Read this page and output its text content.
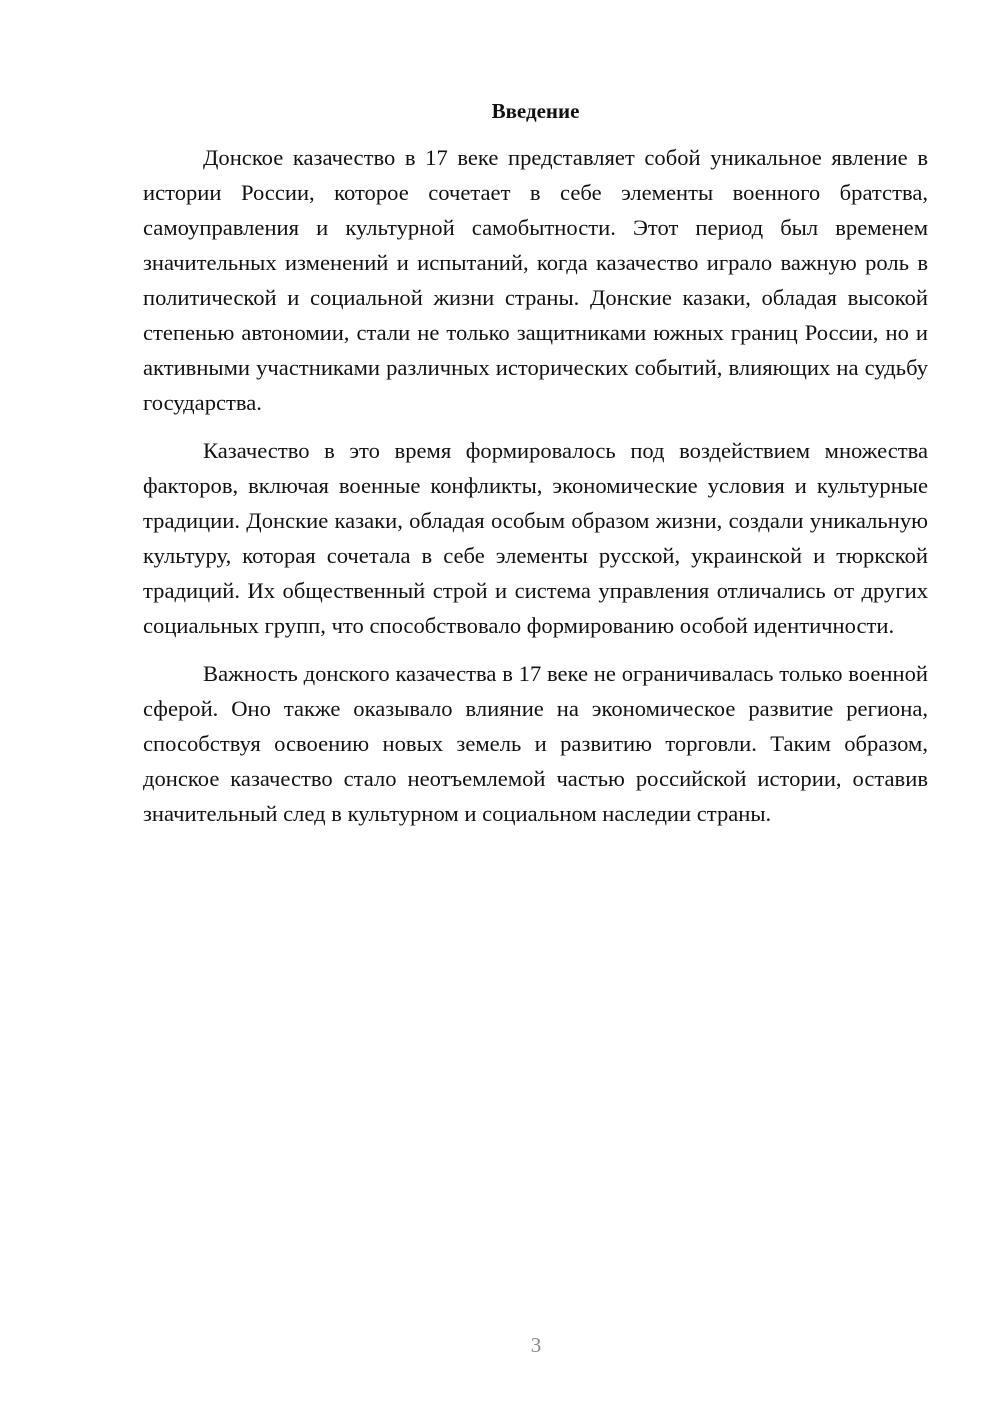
Введение

Донское казачество в 17 веке представляет собой уникальное явление в истории России, которое сочетает в себе элементы военного братства, самоуправления и культурной самобытности. Этот период был временем значительных изменений и испытаний, когда казачество играло важную роль в политической и социальной жизни страны. Донские казаки, обладая высокой степенью автономии, стали не только защитниками южных границ России, но и активными участниками различных исторических событий, влияющих на судьбу государства.

Казачество в это время формировалось под воздействием множества факторов, включая военные конфликты, экономические условия и культурные традиции. Донские казаки, обладая особым образом жизни, создали уникальную культуру, которая сочетала в себе элементы русской, украинской и тюркской традиций. Их общественный строй и система управления отличались от других социальных групп, что способствовало формированию особой идентичности.

Важность донского казачества в 17 веке не ограничивалась только военной сферой. Оно также оказывало влияние на экономическое развитие региона, способствуя освоению новых земель и развитию торговли. Таким образом, донское казачество стало неотъемлемой частью российской истории, оставив значительный след в культурном и социальном наследии страны.

3
